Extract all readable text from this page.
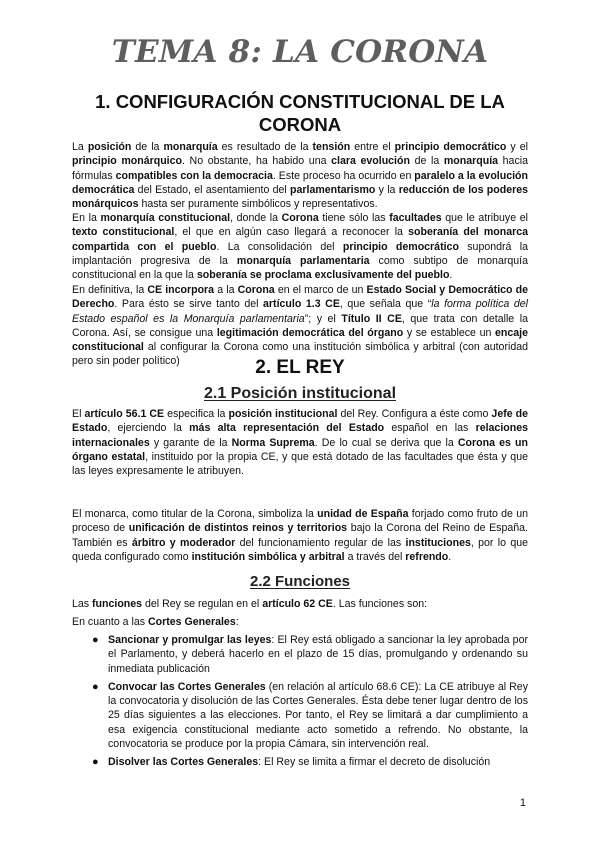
TEMA 8: LA CORONA
1. CONFIGURACIÓN CONSTITUCIONAL DE LA
CORONA

La posición de la monarquía es resultado de la tensión entre el principio democrático y el principio monárquico. No obstante, ha habido una clara evolución de la monarquía hacia fórmulas compatibles con la democracia. Este proceso ha ocurrido en paralelo a la evolución democrática del Estado, el asentamiento del parlamentarismo y la reducción de los poderes monárquicos hasta ser puramente simbólicos y representativos.

En la monarquía constitucional, donde la Corona tiene sólo las facultades que le atribuye el texto constitucional, el que en algún caso llegará a reconocer la soberanía del monarca compartida con el pueblo. La consolidación del principio democrático supondrá la implantación progresiva de la monarquía parlamentaria como subtipo de monarquía constitucional en la que la soberanía se proclama exclusivamente del pueblo.

En definitiva, la CE incorpora a la Corona en el marco de un Estado Social y Democrático de Derecho. Para ésto se sirve tanto del artículo 1.3 CE, que señala que “la forma política del Estado español es la Monarquía parlamentaria”; y el Título II CE, que trata con detalle la Corona. Así, se consigue una legitimación democrática del órgano y se establece un encaje constitucional al configurar la Corona como una institución simbólica y arbitral (con autoridad pero sin poder político)	2. EL REY
2.1 Posición institucional

El artículo 56.1 CE especifica la posición institucional del Rey. Configura a éste como Jefe de Estado, ejerciendo la más alta representación del Estado español en las relaciones internacionales y garante de la Norma Suprema. De lo cual se deriva que la Corona es un órgano estatal, instituido por la propia CE, y que está dotado de las facultades que ésta y que las leyes expresamente le atribuyen.

El monarca, como titular de la Corona, simboliza la unidad de España forjado como fruto de un proceso de unificación de distintos reinos y territorios bajo la Corona del Reino de España. También es árbitro y moderador del funcionamiento regular de las instituciones, por lo que queda configurado como institución simbólica y arbitral a través del refrendo.

2.2 Funciones

Las funciones del Rey se regulan en el artículo 62 CE. Las funciones son:

En cuanto a las Cortes Generales:

● Sancionar y promulgar las leyes: El Rey está obligado a sancionar la ley aprobada por el Parlamento, y deberá hacerlo en el plazo de 15 días, promulgando y ordenando su inmediata publicación
● Convocar las Cortes Generales (en relación al artículo 68.6 CE): La CE atribuye al Rey la convocatoria y disolución de las Cortes Generales. Ésta debe tener lugar dentro de los 25 días siguientes a las elecciones. Por tanto, el Rey se limitará a dar cumplimiento a esa exigencia constitucional mediante acto sometido a refrendo. No obstante, la convocatoria se produce por la propia Cámara, sin intervención real.
● Disolver las Cortes Generales: El Rey se limita a firmar el decreto de disolución
1
